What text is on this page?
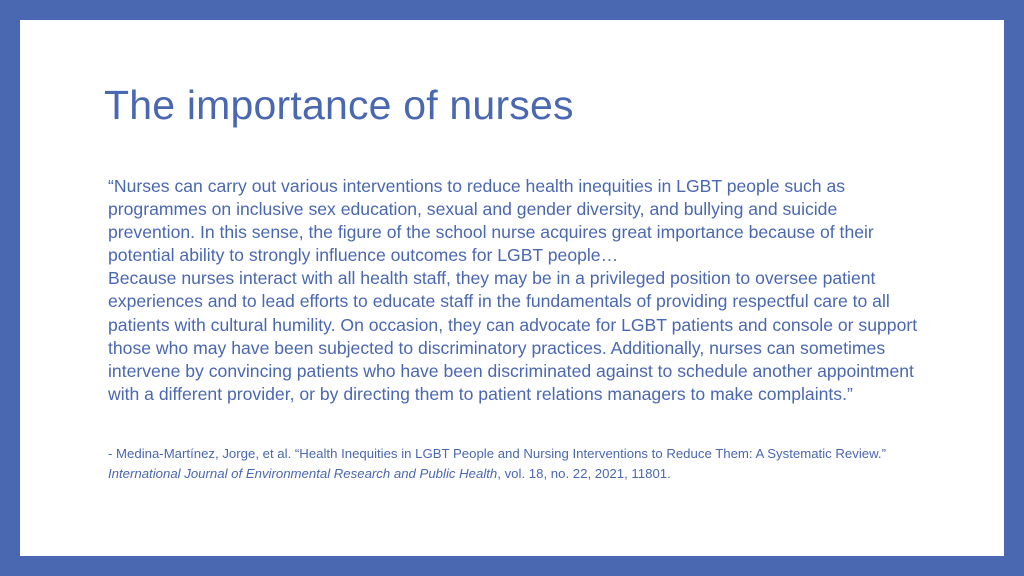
The importance of nurses

“Nurses can carry out various interventions to reduce health inequities in LGBT people such as programmes on inclusive sex education, sexual and gender diversity, and bullying and suicide prevention. In this sense, the figure of the school nurse acquires great importance because of their potential ability to strongly influence outcomes for LGBT people…

Because nurses interact with all health staff, they may be in a privileged position to oversee patient experiences and to lead efforts to educate staff in the fundamentals of providing respectful care to all patients with cultural humility. On occasion, they can advocate for LGBT patients and console or support those who may have been subjected to discriminatory practices. Additionally, nurses can sometimes intervene by convincing patients who have been discriminated against to schedule another appointment with a different provider, or by directing them to patient relations managers to make complaints.”

- Medina-Martínez, Jorge, et al. “Health Inequities in LGBT People and Nursing Interventions to Reduce Them: A Systematic Review.” International Journal of Environmental Research and Public Health, vol. 18, no. 22, 2021, 11801.
